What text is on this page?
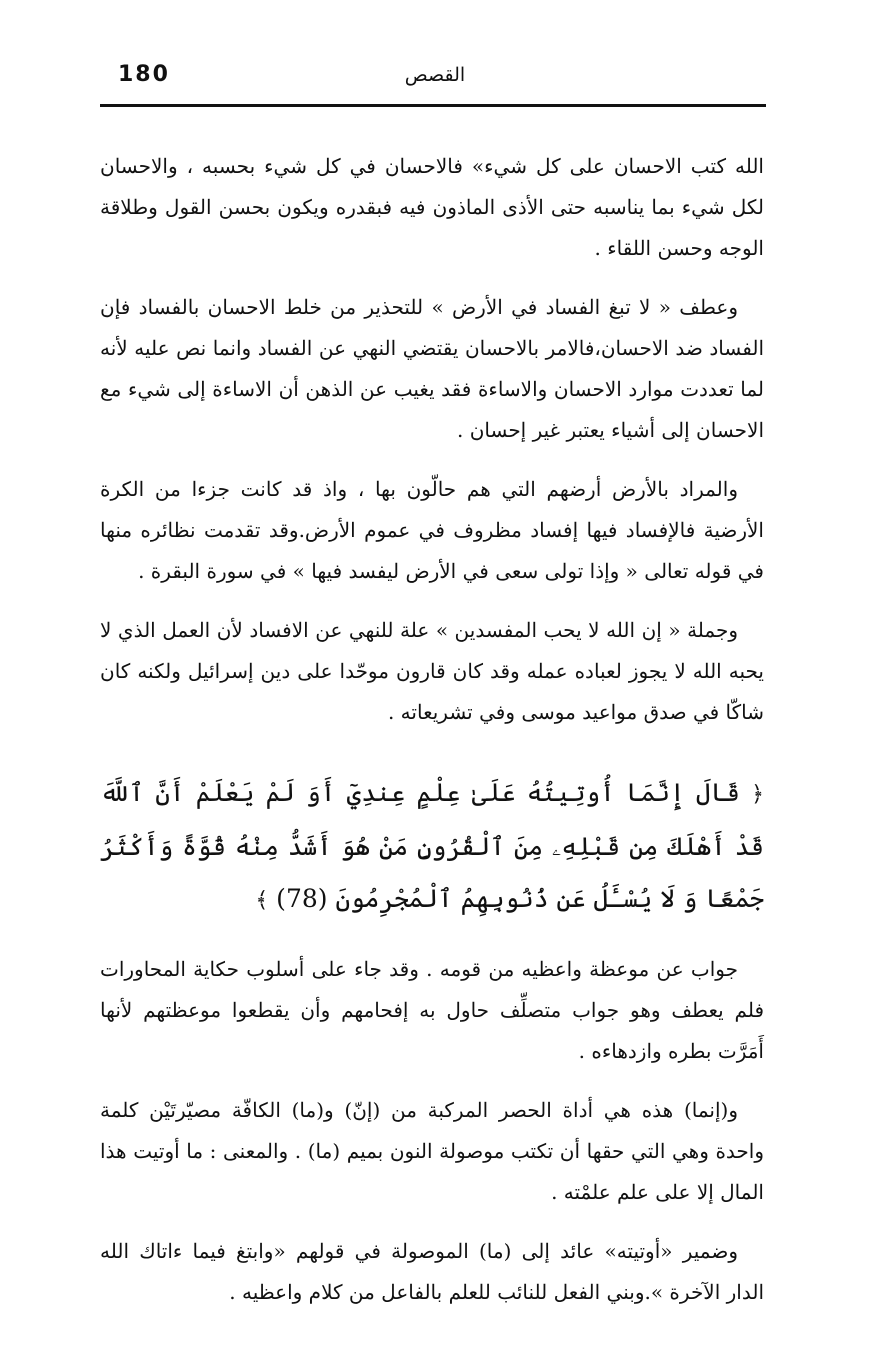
180	القصص

الله كتب الاحسان على كل شيء» فالاحسان في كل شيء بحسبه ، والاحسان لكل شيء بما يناسبه حتى الأذى الماذون فيه فبقدره ويكون بحسن القول وطلاقة الوجه وحسن اللقاء .

وعطف « لا تبغ الفساد في الأرض » للتحذير من خلط الاحسان بالفساد فإن الفساد ضد الاحسان،فالامر بالاحسان يقتضي النهي عن الفساد وانما نص عليه لأنه لما تعددت موارد الاحسان والاساءة فقد يغيب عن الذهن أن الاساءة إلى شيء مع الاحسان إلى أشياء يعتبر غير إحسان .

والمراد بالأرض أرضهم التي هم حالّون بها ، واذ قد كانت جزءا من الكرة الأرضية فالإفساد فيها إفساد مظروف في عموم الأرض.وقد تقدمت نظائره منها في قوله تعالى « وإذا تولى سعى في الأرض ليفسد فيها » في سورة البقرة .

وجملة « إن الله لا يحب المفسدين » علة للنهي عن الافساد لأن العمل الذي لا يحبه الله لا يجوز لعباده عمله وقد كان قارون موحّدا على دين إسرائيل ولكنه كان شاكّا في صدق مواعيد موسى وفي تشريعاته .

﴿ قَالَ إِنَّمَا أُوتِيتُهُ عَلَىٰ عِلْمٍ عِندِيٓ أَوَ لَمْ يَعْلَمْ أَنَّ ٱللَّهَ قَدْ أَهْلَكَ مِن قَبْلِهِۦ مِنَ ٱلْقُرُونِ مَنْ هُوَ أَشَدُّ مِنْهُ قُوَّةً وَأَكْثَرُ جَمْعًا وَ لَا يُسْـَٔلُ عَن ذُنُوبِهِمُ ٱلْمُجْرِمُونَ (78) ﴾

جواب عن موعظة واعظيه من قومه . وقد جاء على أسلوب حكاية المحاورات فلم يعطف وهو جواب متصلِّف حاول به إفحامهم وأن يقطعوا موعظتهم لأنها أَمَرَّت بطره وازدهاءه .

و(إنما) هذه هي أداة الحصر المركبة من (إنّ) و(ما) الكافّة مصيّرتَيْن كلمة واحدة وهي التي حقها أن تكتب موصولة النون بميم (ما) . والمعنى : ما أوتيت هذا المال إلا على علم علمْته .

وضمير «أوتيته» عائد إلى (ما) الموصولة في قولهم «وابتغ فيما ءاتاك الله الدار الآخرة ».وبني الفعل للنائب للعلم بالفاعل من كلام واعظيه .
